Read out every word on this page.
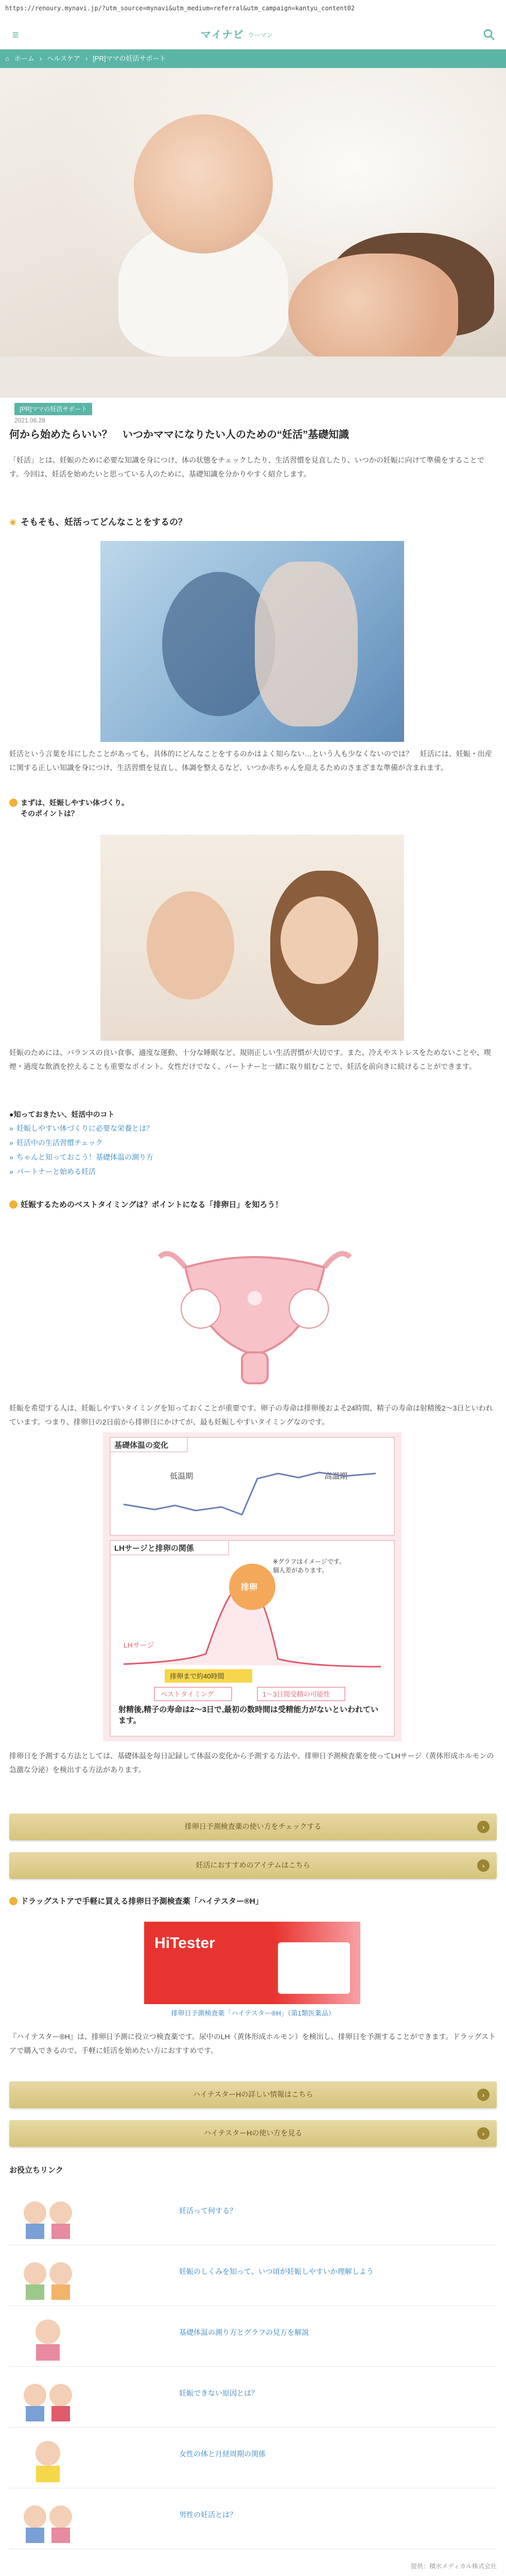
https://renoury.mynavi.jp/?utm_source=mynavi&utm_medium=referral&utm_campaign=kantyu_content02
≡	マイナビ ウーマン
⌂ ホーム › ヘルスケア › [PR]ママの妊活サポート
[PR]ママの妊活サポート
2021.06.28
何から始めたらいい？　いつかママになりたい人のための“妊活”基礎知識
「妊活」とは、妊娠のために必要な知識を身につけ、体の状態をチェックしたり、生活習慣を見直したり、いつかの妊娠に向けて準備をすることです。今回は、妊活を始めたいと思っている人のために、基礎知識を分かりやすく紹介します。
そもそも、妊活ってどんなことをするの？
妊活という言葉を耳にしたことがあっても、具体的にどんなことをするのかはよく知らない…という人も少なくないのでは？　妊活には、妊娠・出産に関する正しい知識を身につけ、生活習慣を見直し、体調を整えるなど、いつか赤ちゃんを迎えるためのさまざまな準備が含まれます。
まずは、妊娠しやすい体づくり。
そのポイントは？
妊娠のためには、バランスの良い食事、適度な運動、十分な睡眠など、規則正しい生活習慣が大切です。また、冷えやストレスをためないことや、喫煙・過度な飲酒を控えることも重要なポイント。女性だけでなく、パートナーと一緒に取り組むことで、妊活を前向きに続けることができます。
●知っておきたい、妊活中のコト
» 妊娠しやすい体づくりに必要な栄養とは？
» 妊活中の生活習慣チェック
» ちゃんと知っておこう！基礎体温の測り方
» パートナーと始める妊活
妊娠するためのベストタイミングは？ポイントになる「排卵日」を知ろう！
妊娠を希望する人は、妊娠しやすいタイミングを知っておくことが重要です。卵子の寿命は排卵後およそ24時間、精子の寿命は射精後2～3日といわれています。つまり、排卵日の2日前から排卵日にかけてが、最も妊娠しやすいタイミングなのです。
基礎体温の変化
低温期	高温期
LHサージと排卵の関係
※グラフはイメージです。
個人差があります。
LHサージ
排卵
排卵まで約40時間
ベストタイミング	1～3日間受精の可能性
射精後,精子の寿命は2～3日で,最初の数時間は受精能力がないといわれています。
排卵日を予測する方法としては、基礎体温を毎日記録して体温の変化から予測する方法や、排卵日予測検査薬を使ってLHサージ（黄体形成ホルモンの急激な分泌）を検出する方法があります。
排卵日予測検査薬の使い方をチェックする	›
妊活におすすめのアイテムはこちら	›
ドラッグストアで手軽に買える排卵日予測検査薬「ハイテスター®H」
HiTester
排卵日予測検査薬「ハイテスター®H」（第1類医薬品）
『ハイテスター®H』は、排卵日予測に役立つ検査薬です。尿中のLH（黄体形成ホルモン）を検出し、排卵日を予測することができます。ドラッグストアで購入できるので、手軽に妊活を始めたい方におすすめです。
ハイテスターHの詳しい情報はこちら	›
ハイテスターHの使い方を見る	›
お役立ちリンク
妊活って何する？
妊娠のしくみを知って、いつ頃が妊娠しやすいか理解しよう
基礎体温の測り方とグラフの見方を解説
妊娠できない原因とは？
女性の体と月経周期の関係
男性の妊活とは？
提供：積水メディカル株式会社
